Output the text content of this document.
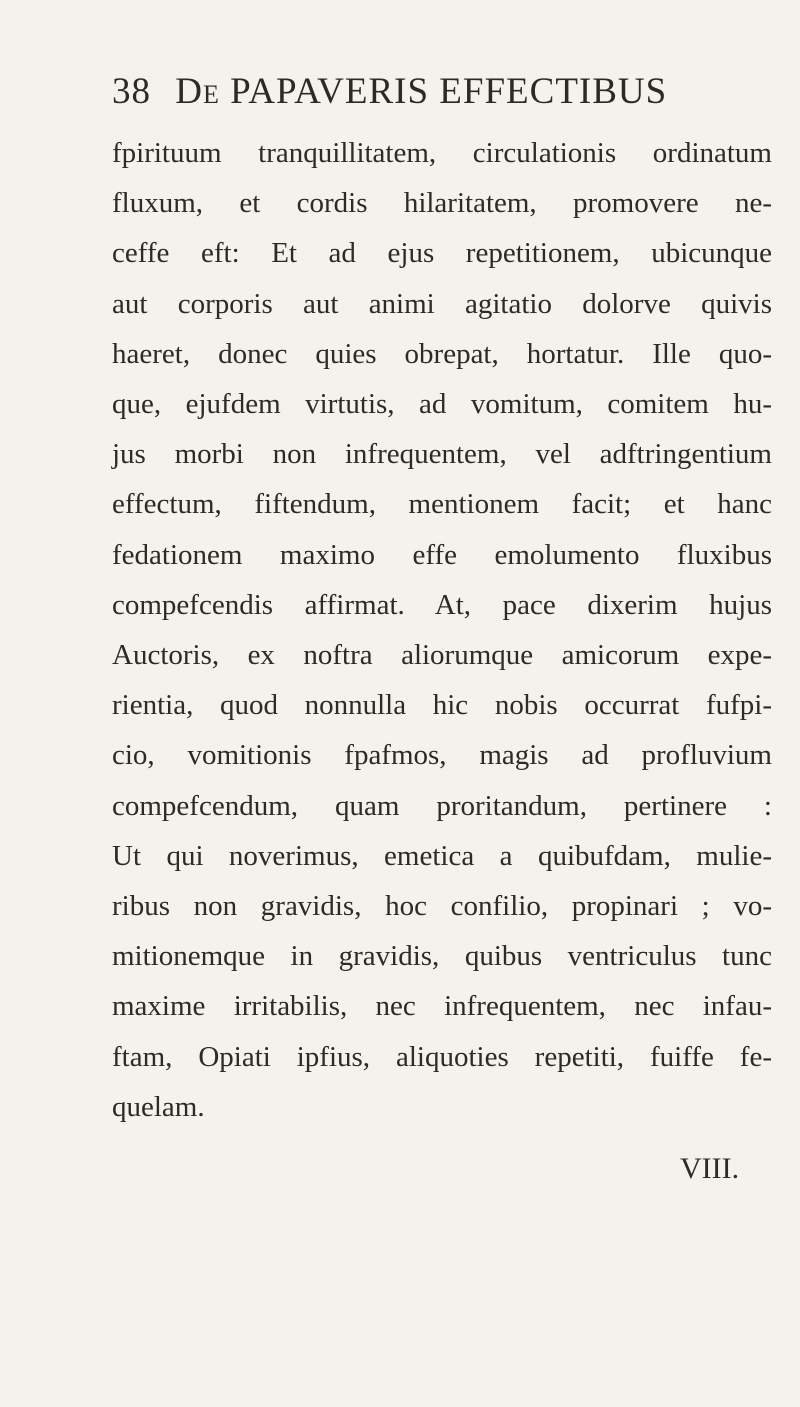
38 De PAPAVERIS EFFECTIBUS
fpirituum tranquillitatem, circulationis ordinatum
fluxum, et cordis hilaritatem, promovere ne-
ceffe eft: Et ad ejus repetitionem, ubicunque
aut corporis aut animi agitatio dolorve quivis
haeret, donec quies obrepat, hortatur. Ille quo-
que, ejufdem virtutis, ad vomitum, comitem hu-
jus morbi non infrequentem, vel adftringentium
effectum, fiftendum, mentionem facit; et hanc
fedationem maximo effe emolumento fluxibus
compefcendis affirmat. At, pace dixerim hujus
Auctoris, ex noftra aliorumque amicorum expe-
rientia, quod nonnulla hic nobis occurrat fufpi-
cio, vomitionis fpafmos, magis ad profluvium
compefcendum, quam proritandum, pertinere :
Ut qui noverimus, emetica a quibufdam, mulie-
ribus non gravidis, hoc confilio, propinari ; vo-
mitionemque in gravidis, quibus ventriculus tunc
maxime irritabilis, nec infrequentem, nec infau-
ftam, Opiati ipfius, aliquoties repetiti, fuiffe fe-
quelam.
VIII.
